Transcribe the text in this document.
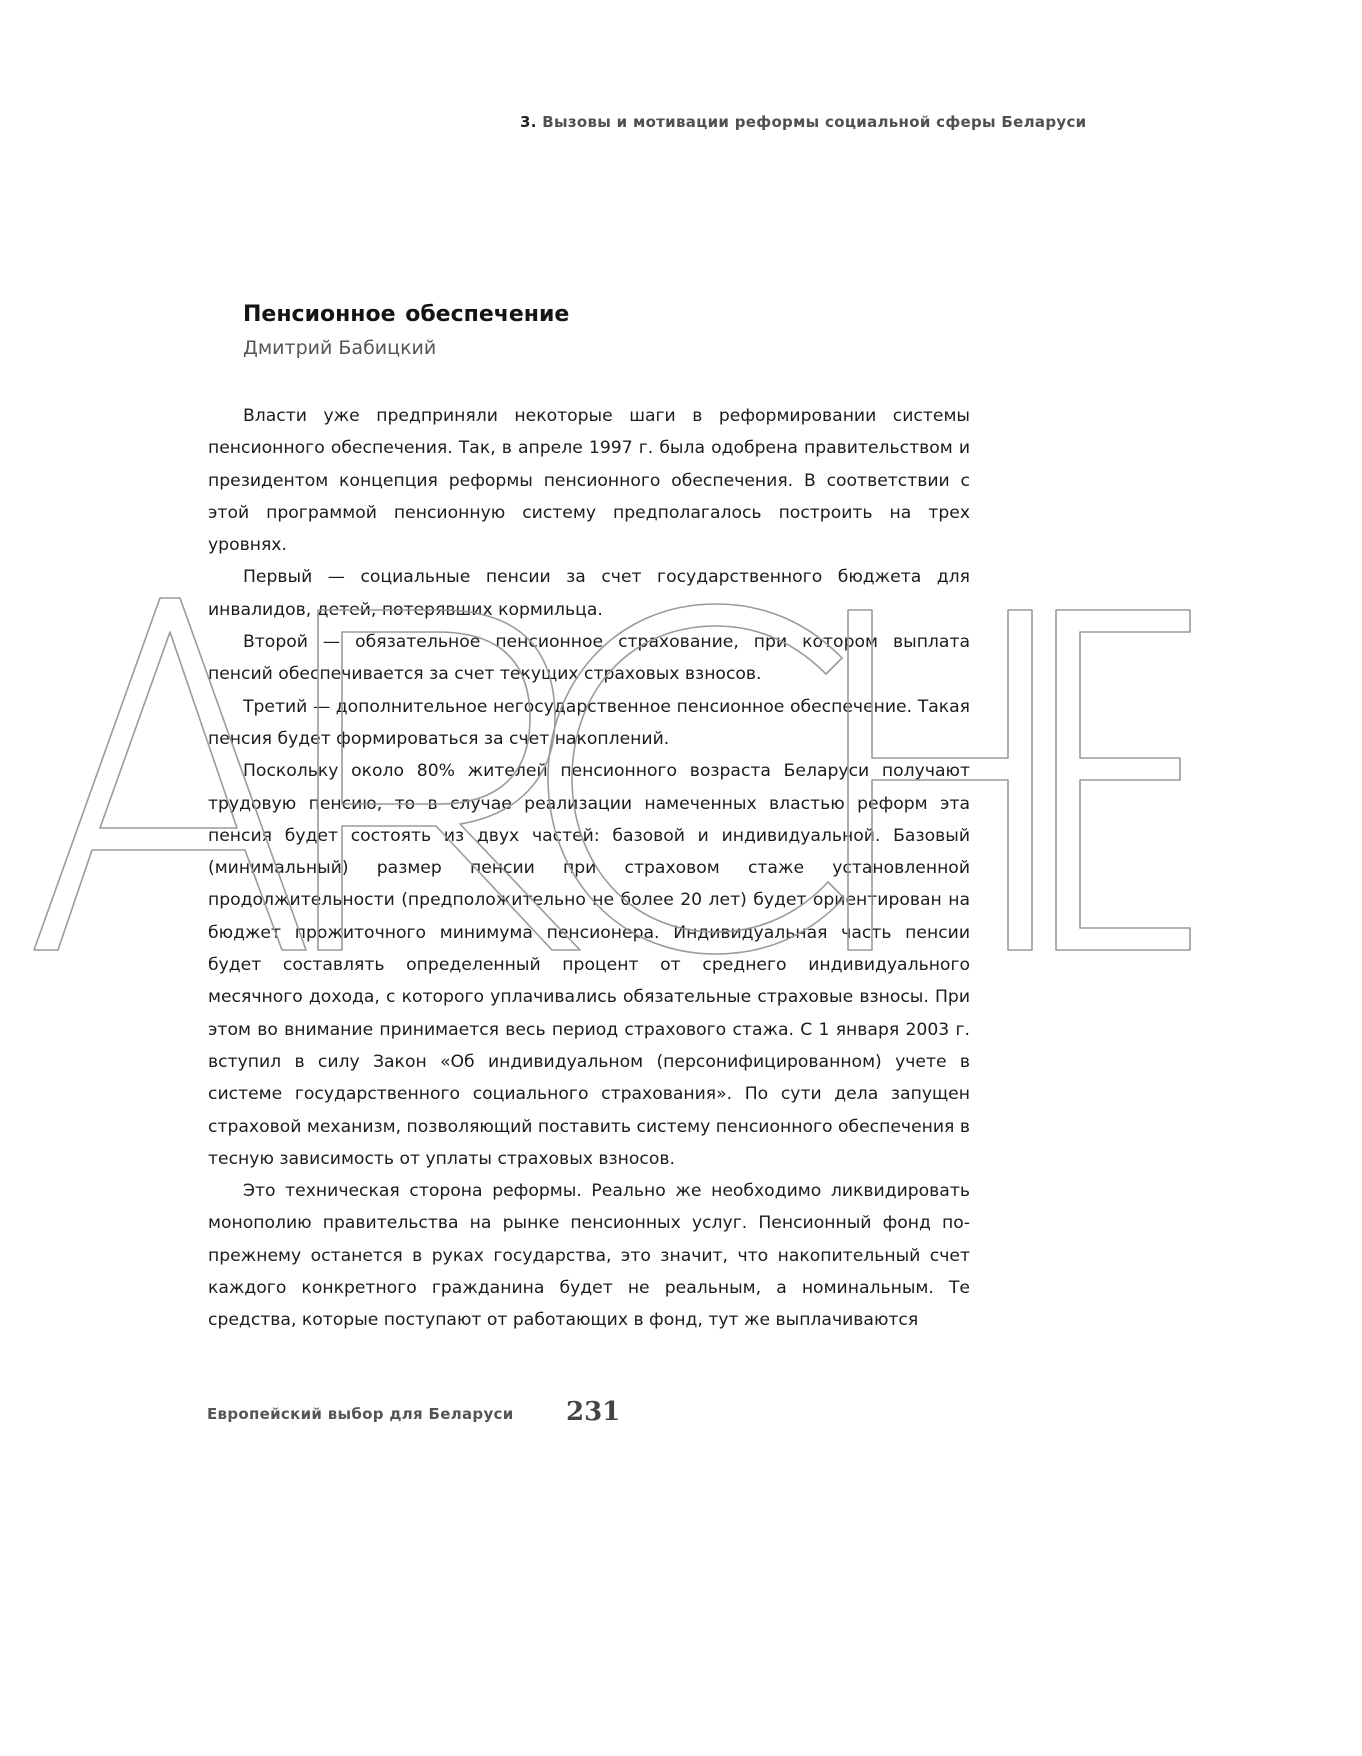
3. Вызовы и мотивации реформы социальной сферы Беларуси
Пенсионное обеспечение

Дмитрий Бабицкий

Власти уже предприняли некоторые шаги в реформировании системы пенсионного обеспечения. Так, в апреле 1997 г. была одобрена правительством и президентом концепция реформы пенсионного обеспечения. В соответствии с этой программой пенсионную систему предполагалось построить на трех уровнях.

Первый — социальные пенсии за счет государственного бюджета для инвалидов, детей, потерявших кормильца.

Второй — обязательное пенсионное страхование, при котором выплата пенсий обеспечивается за счет текущих страховых взносов.

Третий — дополнительное негосударственное пенсионное обеспечение. Такая пенсия будет формироваться за счет накоплений.

Поскольку около 80% жителей пенсионного возраста Беларуси получают трудовую пенсию, то в случае реализации намеченных властью реформ эта пенсия будет состоять из двух частей: базовой и индивидуальной. Базовый (минимальный) размер пенсии при страховом стаже установленной продолжительности (предположительно не более 20 лет) будет ориентирован на бюджет прожиточного минимума пенсионера. Индивидуальная часть пенсии будет составлять определенный процент от среднего индивидуального месячного дохода, с которого уплачивались обязательные страховые взносы. При этом во внимание принимается весь период страхового стажа. С 1 января 2003 г. вступил в силу Закон «Об индивидуальном (персонифицированном) учете в системе государственного социального страхования». По сути дела запущен страховой механизм, позволяющий поставить систему пенсионного обеспечения в тесную зависимость от уплаты страховых взносов.

Это техническая сторона реформы. Реально же необходимо ликвидировать монополию правительства на рынке пенсионных услуг. Пенсионный фонд по-прежнему останется в руках государства, это значит, что накопительный счет каждого конкретного гражданина будет не реальным, а номинальным. Те средства, которые поступают от работающих в фонд, тут же выплачиваются

Европейский выбор для Беларуси 231
